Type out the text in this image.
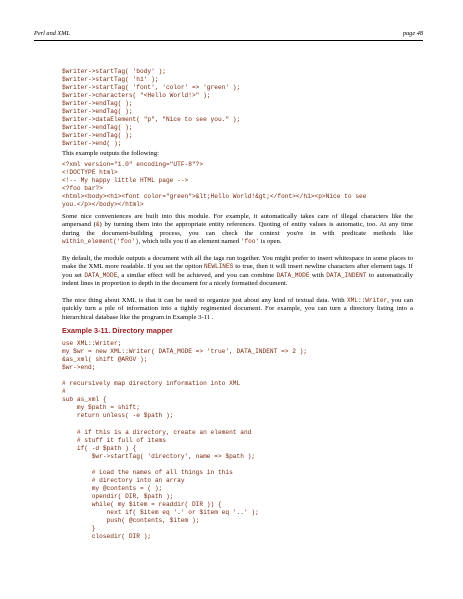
Perl and XML	page 48
$writer->startTag( 'body' );
$writer->startTag( 'h1' );
$writer->startTag( 'font', 'color' => 'green' );
$writer->characters( "<Hello World!>" );
$writer->endTag( );
$writer->endTag( );
$writer->dataElement( "p", "Nice to see you." );
$writer->endTag( );
$writer->endTag( );
$writer->end( );

This example outputs the following:

<?xml version="1.0" encoding="UTF-8"?>
<!DOCTYPE html>
<!-- My happy little HTML page -->
<?foo bar?>
<html><body><h1><font color="green">&lt;Hello World!&gt;</font></h1><p>Nice to see
you.</p></body></html>

Some nice conveniences are built into this module. For example, it automatically takes care of illegal characters like the ampersand (&) by turning them into the appropriate entity references. Quoting of entity values is automatic, too. At any time during the document-building process, you can check the context you're in with predicate methods like within_element('foo'), which tells you if an element named 'foo' is open.

By default, the module outputs a document with all the tags run together. You might prefer to insert whitespace in some places to make the XML more readable. If you set the option NEWLINES to true, then it will insert newline characters after element tags. If you set DATA_MODE, a similar effect will be achieved, and you can combine DATA_MODE with DATA_INDENT to automatically indent lines in proportion to depth in the document for a nicely formatted document.

The nice thing about XML is that it can be used to organize just about any kind of textual data. With XML::Writer, you can quickly turn a pile of information into a tightly regimented document. For example, you can turn a directory listing into a hierarchical database like the program in Example 3-11 .

Example 3-11. Directory mapper
use XML::Writer;
my $wr = new XML::Writer( DATA_MODE => 'true', DATA_INDENT => 2 );
&as_xml( shift @ARGV );
$wr->end;

# recursively map directory information into XML
#
sub as_xml {
my $path = shift;
return unless( -e $path );

# if this is a directory, create an element and
# stuff it full of items
if( -d $path ) {
$wr->startTag( 'directory', name => $path );

# Load the names of all things in this
# directory into an array
my @contents = ( );
opendir( DIR, $path );
while( my $item = readdir( DIR )) {
next if( $item eq '.' or $item eq '..' );
push( @contents, $item );
}
closedir( DIR );
